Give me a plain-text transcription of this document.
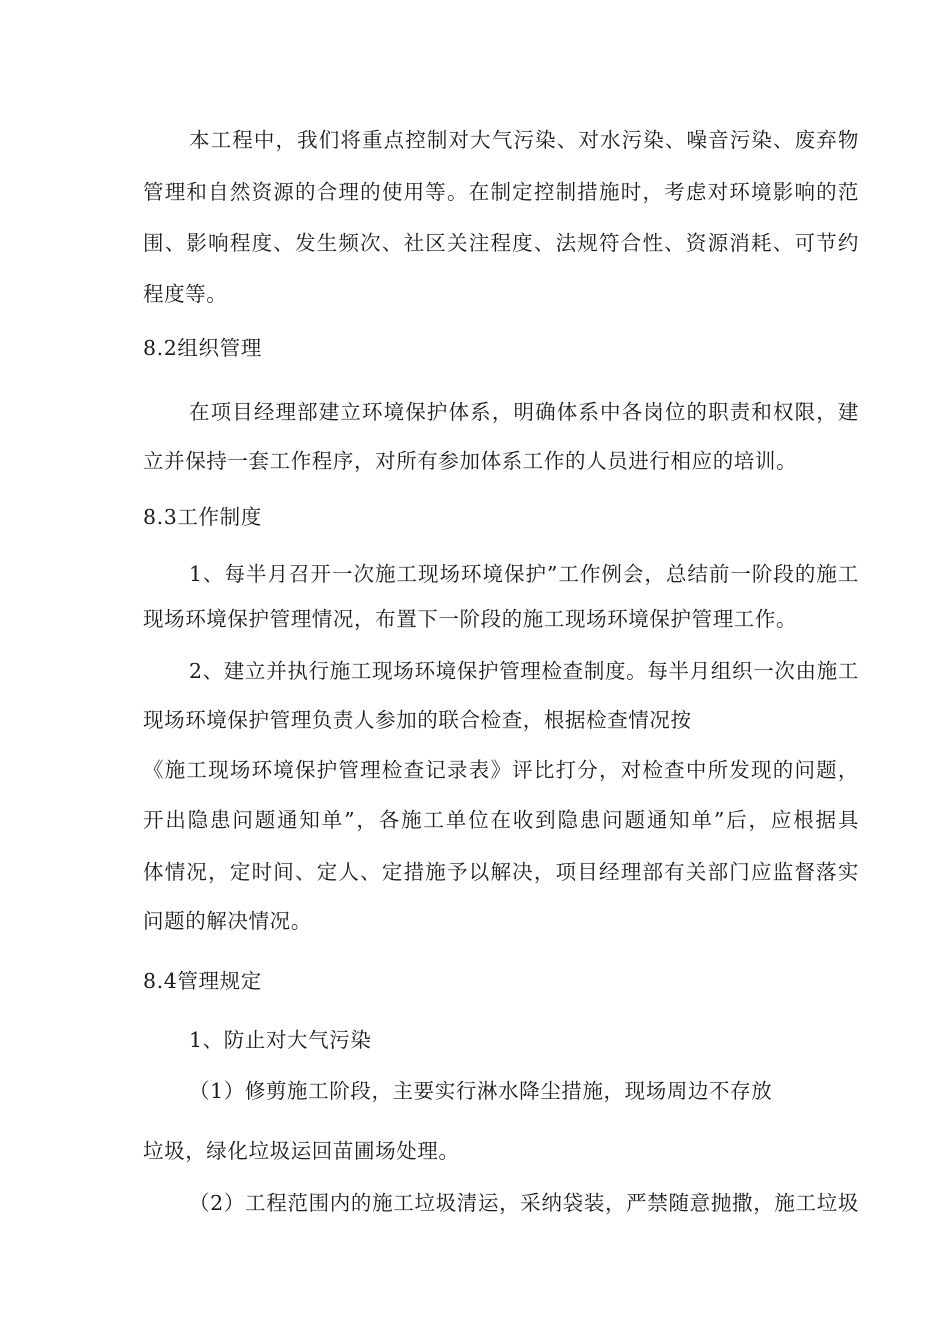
本工程中，我们将重点控制对大气污染、对水污染、噪音污染、废弃物
管理和自然资源的合理的使用等。在制定控制措施时，考虑对环境影响的范
围、影响程度、发生频次、社区关注程度、法规符合性、资源消耗、可节约
程度等。
8.2组织管理
在项目经理部建立环境保护体系，明确体系中各岗位的职责和权限，建
立并保持一套工作程序，对所有参加体系工作的人员进行相应的培训。
8.3工作制度
1、每半月召开一次施工现场环境保护”工作例会，总结前一阶段的施工
现场环境保护管理情况，布置下一阶段的施工现场环境保护管理工作。
2、建立并执行施工现场环境保护管理检查制度。每半月组织一次由施工
现场环境保护管理负责人参加的联合检查，根据检查情况按
《施工现场环境保护管理检查记录表》评比打分，对检查中所发现的问题，
开出隐患问题通知单”，各施工单位在收到隐患问题通知单”后，应根据具
体情况，定时间、定人、定措施予以解决，项目经理部有关部门应监督落实
问题的解决情况。
8.4管理规定
1、防止对大气污染
（1）修剪施工阶段，主要实行淋水降尘措施，现场周边不存放
垃圾，绿化垃圾运回苗圃场处理。
（2）工程范围内的施工垃圾清运，采纳袋装，严禁随意抛撒，施工垃圾
